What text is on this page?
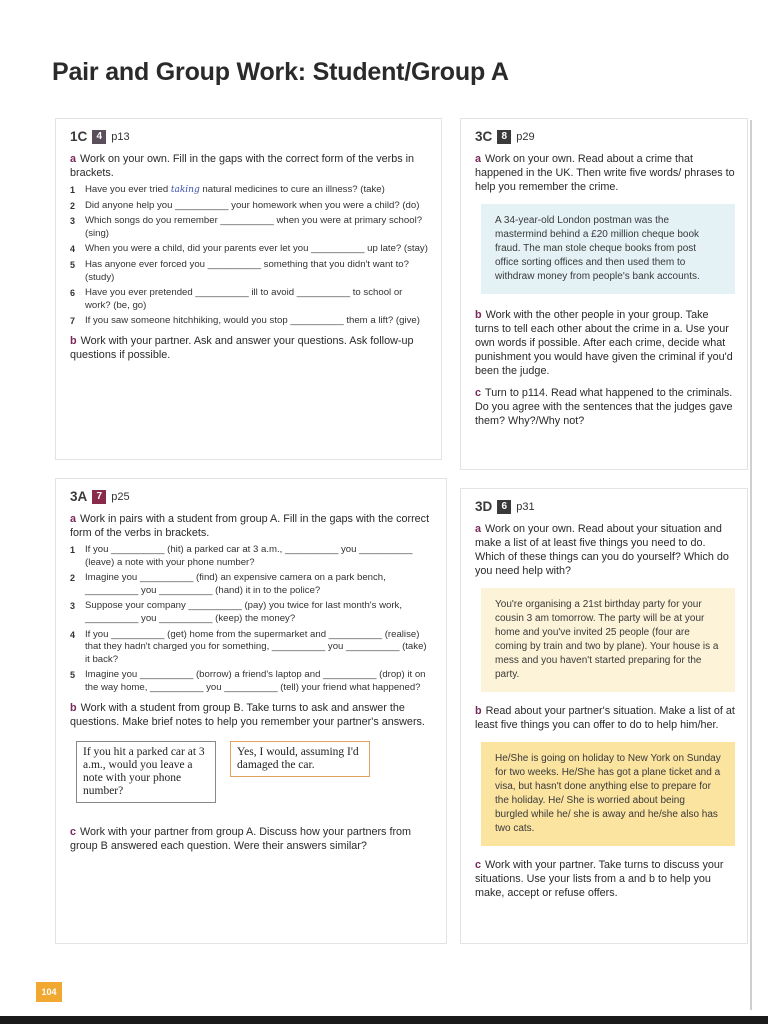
Pair and Group Work: Student/Group A
1C 4 p13

a Work on your own. Fill in the gaps with the correct form of the verbs in brackets.

1	Have you ever tried taking natural medicines to cure an illness? (take)
2	Did anyone help you __________ your homework when you were a child? (do)
3	Which songs do you remember __________ when you were at primary school? (sing)
4	When you were a child, did your parents ever let you __________ up late? (stay)
5	Has anyone ever forced you __________ something that you didn't want to? (study)
6	Have you ever pretended __________ ill to avoid __________ to school or work? (be, go)
7	If you saw someone hitchhiking, would you stop __________ them a lift? (give)

b Work with your partner. Ask and answer your questions. Ask follow-up questions if possible.

3A 7 p25

a Work in pairs with a student from group A. Fill in the gaps with the correct form of the verbs in brackets.

1	If you __________ (hit) a parked car at 3 a.m., __________ you __________ (leave) a note with your phone number?
2	Imagine you __________ (find) an expensive camera on a park bench, __________ you __________ (hand) it in to the police?
3	Suppose your company __________ (pay) you twice for last month's work, __________ you __________ (keep) the money?
4	If you __________ (get) home from the supermarket and __________ (realise) that they hadn't charged you for something, __________ you __________ (take) it back?
5	Imagine you __________ (borrow) a friend's laptop and __________ (drop) it on the way home, __________ you __________ (tell) your friend what happened?

b Work with a student from group B. Take turns to ask and answer the questions. Make brief notes to help you remember your partner's answers.

If you hit a parked car at 3 a.m., would you leave a note with your phone number?
Yes, I would, assuming I'd damaged the car.

c Work with your partner from group A. Discuss how your partners from group B answered each question. Were their answers similar?

3C 8 p29

a Work on your own. Read about a crime that happened in the UK. Then write five words/ phrases to help you remember the crime.

A 34-year-old London postman was the mastermind behind a £20 million cheque book fraud. The man stole cheque books from post office sorting offices and then used them to withdraw money from people's bank accounts.

b Work with the other people in your group. Take turns to tell each other about the crime in a. Use your own words if possible. After each crime, decide what punishment you would have given the criminal if you'd been the judge.

c Turn to p114. Read what happened to the criminals. Do you agree with the sentences that the judges gave them? Why?/Why not?

3D 6 p31

a Work on your own. Read about your situation and make a list of at least five things you need to do. Which of these things can you do yourself? Which do you need help with?

You're organising a 21st birthday party for your cousin 3 am tomorrow. The party will be at your home and you've invited 25 people (four are coming by train and two by plane). Your house is a mess and you haven't started preparing for the party.

b Read about your partner's situation. Make a list of at least five things you can offer to do to help him/her.

He/She is going on holiday to New York on Sunday for two weeks. He/She has got a plane ticket and a visa, but hasn't done anything else to prepare for the holiday. He/ She is worried about being burgled while he/ she is away and he/she also has two cats.

c Work with your partner. Take turns to discuss your situations. Use your lists from a and b to help you make, accept or refuse offers.

104
